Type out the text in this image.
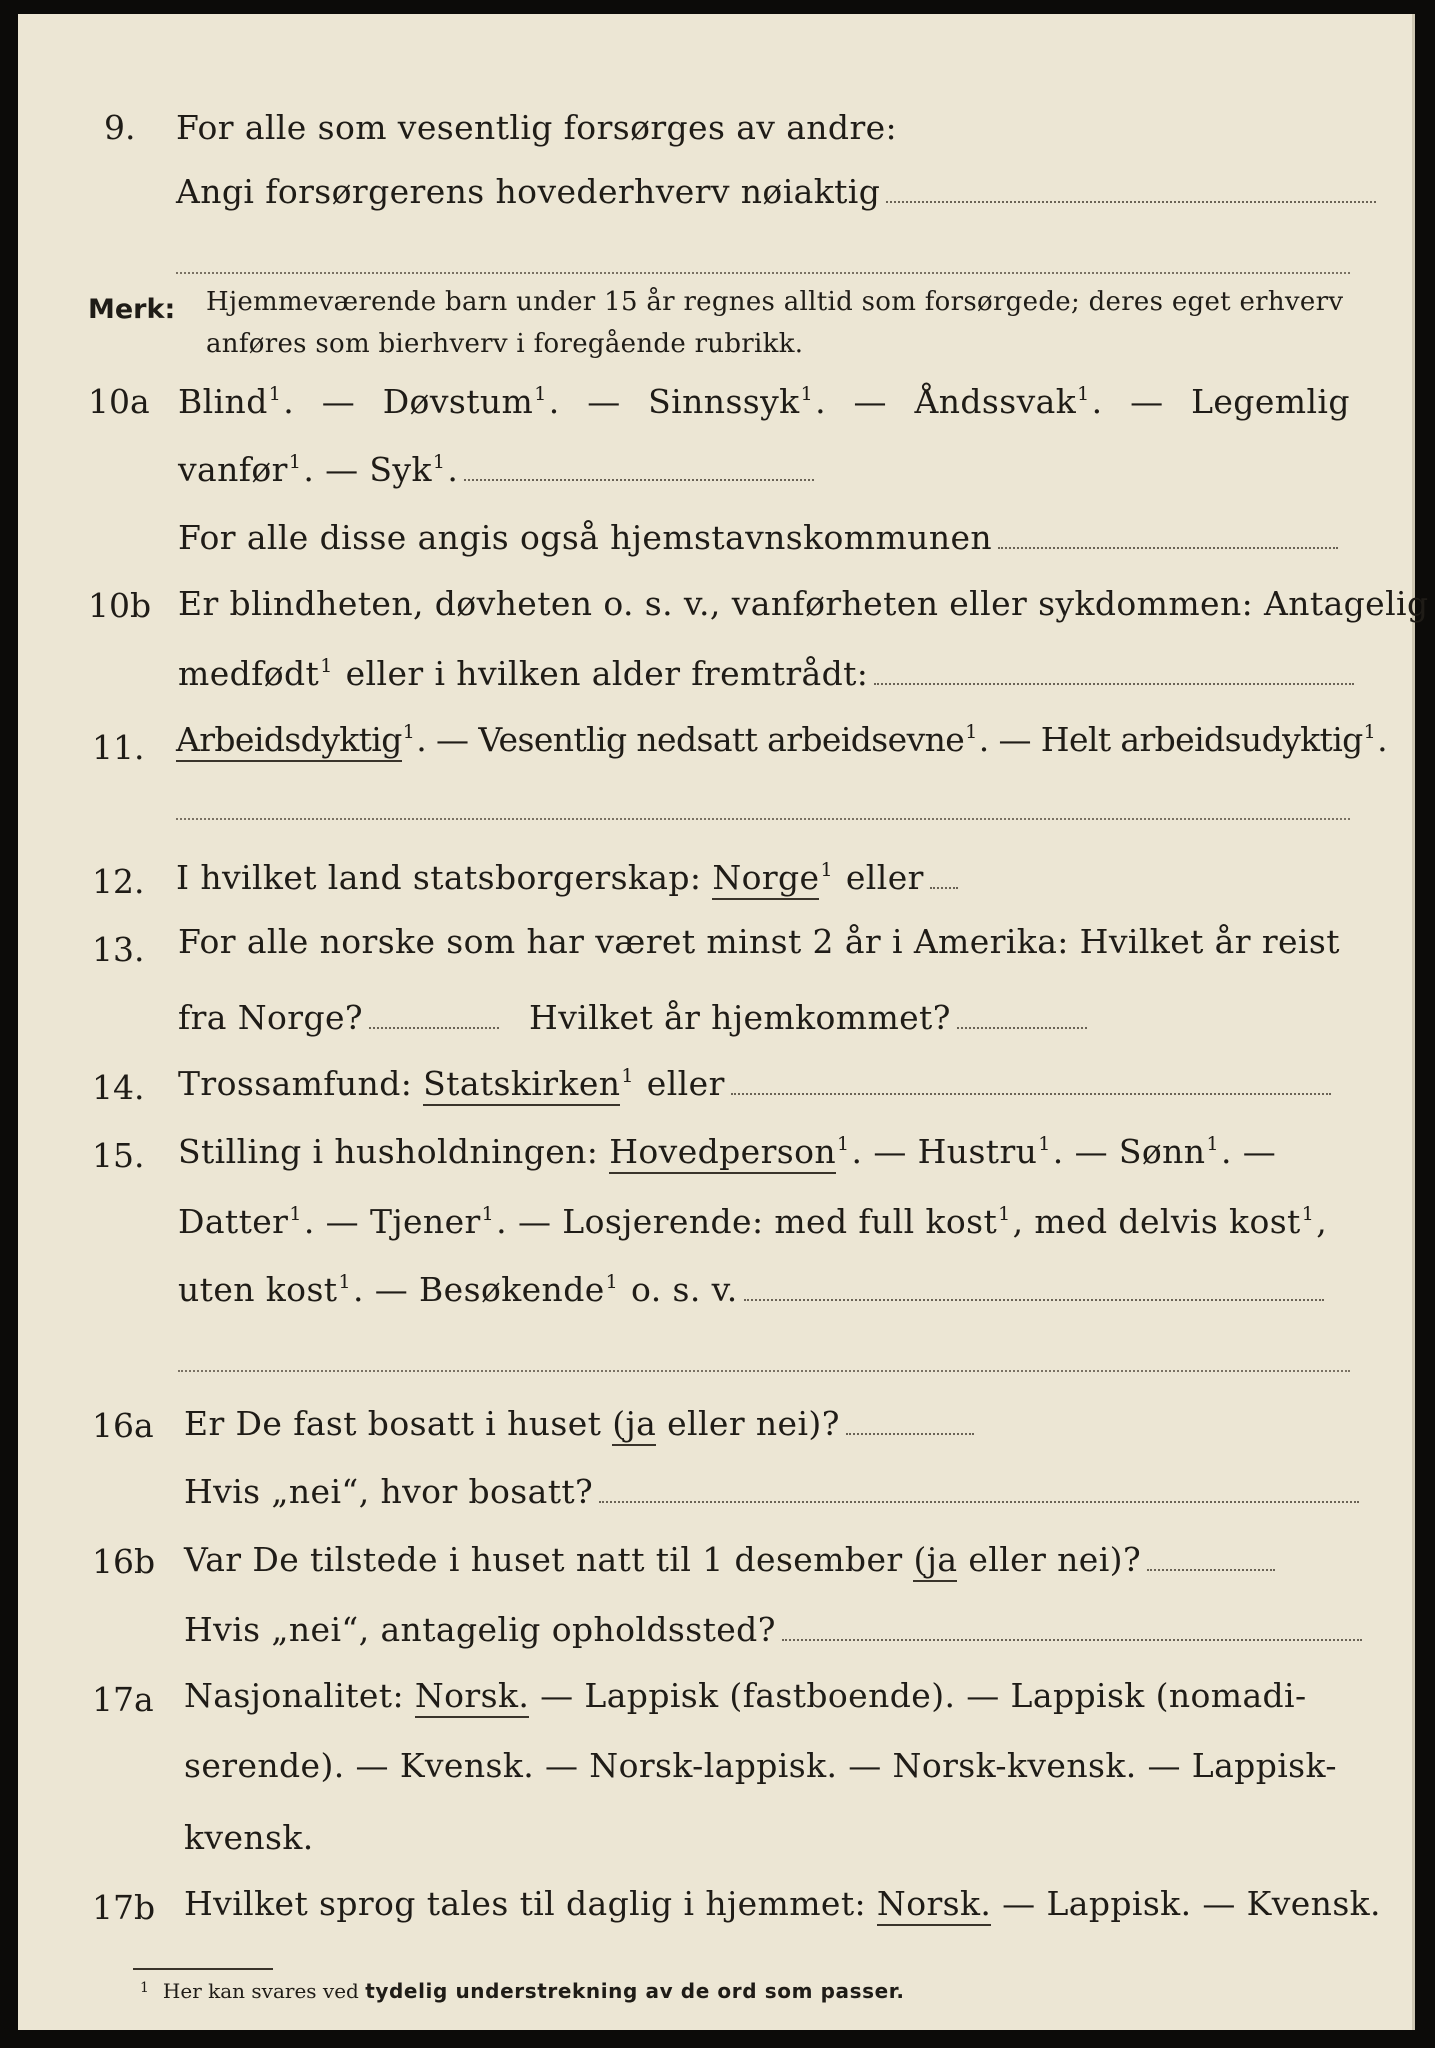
9. For alle som vesentlig forsørges av andre:
Angi forsørgerens hovederhverv nøiaktig
Merk: Hjemmeværende barn under 15 år regnes alltid som forsørgede; deres eget erhverv
anføres som bierhverv i foregående rubrikk.
10a Blind$^1$. — Døvstum$^1$. — Sinnssyk$^1$. — Åndssvak$^1$. — Legemlig
vanfør$^1$. — Syk$^1$.
For alle disse angis også hjemstavnskommunen
10b Er blindheten, døvheten o. s. v., vanførheten eller sykdommen: Antagelig
medfødt$^1$ eller i hvilken alder fremtrådt:
11. Arbeidsdyktig$^1$. — Vesentlig nedsatt arbeidsevne$^1$. — Helt arbeidsudyktig$^1$.
12. I hvilket land statsborgerskap: Norge$^1$ eller
13. For alle norske som har været minst 2 år i Amerika: Hvilket år reist
fra Norge?	Hvilket år hjemkommet?
14. Trossamfund: Statskirken$^1$ eller
15. Stilling i husholdningen: Hovedperson$^1$. — Hustru$^1$. — Sønn$^1$. —
Datter$^1$. — Tjener$^1$. — Losjerende: med full kost$^1$, med delvis kost$^1$,
uten kost$^1$. — Besøkende$^1$ o. s. v.
16a Er De fast bosatt i huset (ja eller nei)?
Hvis „nei“, hvor bosatt?
16b Var De tilstede i huset natt til 1 desember (ja eller nei)?
Hvis „nei“, antagelig opholdssted?
17a Nasjonalitet: Norsk. — Lappisk (fastboende). — Lappisk (nomadi-
serende). — Kvensk. — Norsk-lappisk. — Norsk-kvensk. — Lappisk-
kvensk.
17b Hvilket sprog tales til daglig i hjemmet: Norsk. — Lappisk. — Kvensk.
$^1$ Her kan svares ved tydelig understrekning av de ord som passer.
